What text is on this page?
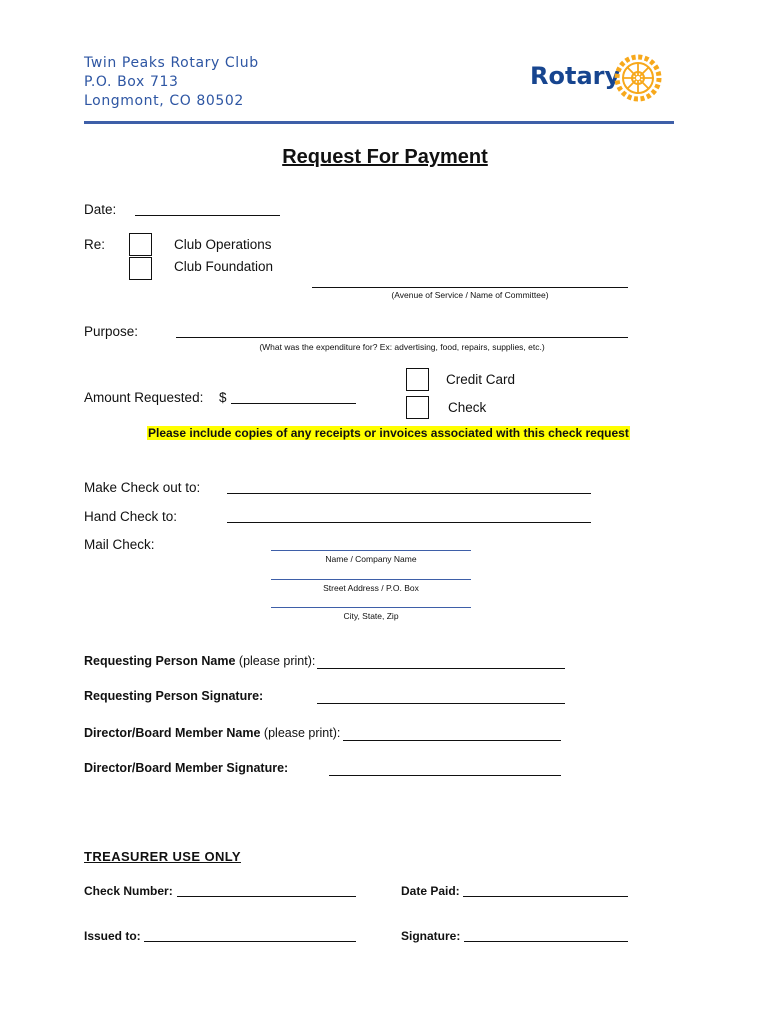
Twin Peaks Rotary Club
P.O. Box 713
Longmont, CO 80502
Rotary
Request For Payment
Date:
Re:	Club Operations
Club Foundation
(Avenue of Service / Name of Committee)
Purpose:
(What was the expenditure for? Ex: advertising, food, repairs, supplies, etc.)
Amount Requested: $
Credit Card
Check
Please include copies of any receipts or invoices associated with this check request
Make Check out to:
Hand Check to:
Mail Check:
Name / Company Name
Street Address / P.O. Box
City, State, Zip
Requesting Person Name (please print):
Requesting Person Signature:
Director/Board Member Name (please print):
Director/Board Member Signature:
TREASURER USE ONLY
Check Number:	Date Paid:
Issued to:	Signature:
